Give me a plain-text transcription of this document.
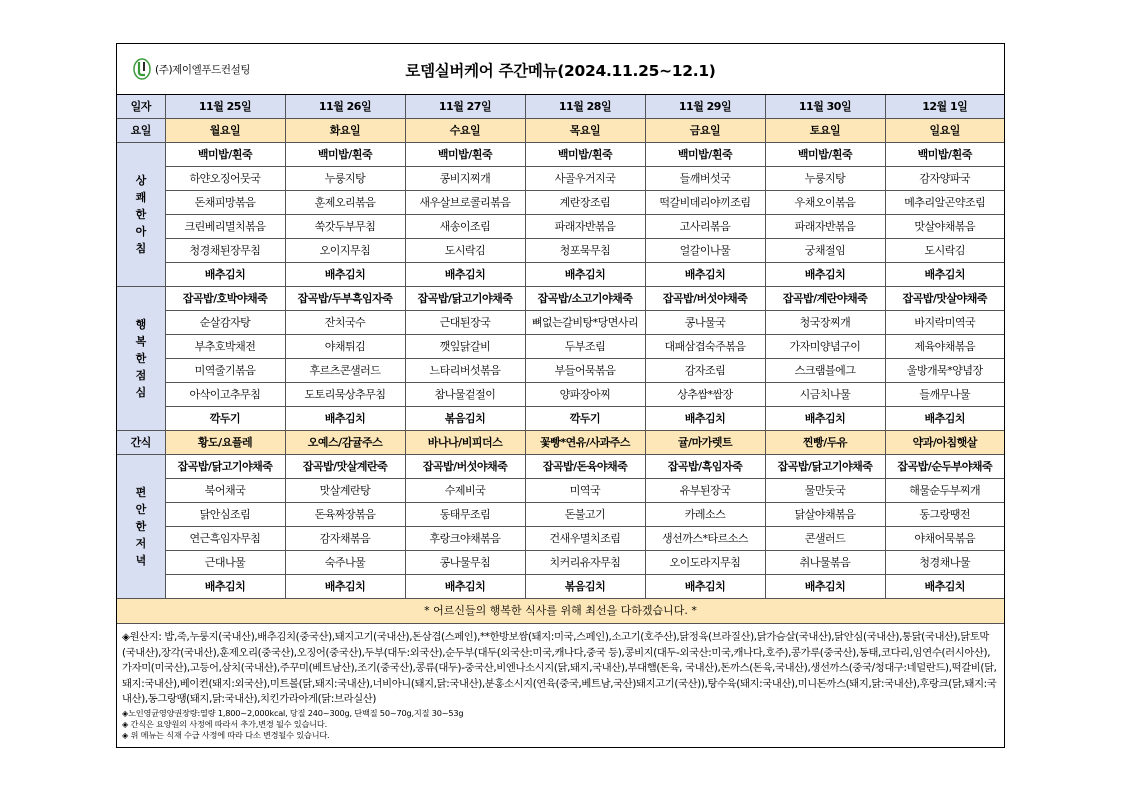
(주)제이엘푸드컨설팅	로뎀실버케어 주간메뉴(2024.11.25~12.1)
일자	11월 25일	11월 26일	11월 27일	11월 28일	11월 29일	11월 30일	12월 1일
요일	월요일	화요일	수요일	목요일	금요일	토요일	일요일

상
쾌
한
아
침	백미밥/흰죽	백미밥/흰죽	백미밥/흰죽	백미밥/흰죽	백미밥/흰죽	백미밥/흰죽	백미밥/흰죽
	하얀오징어뭇국	누룽지탕	콩비지찌개	사골우거지국	들깨버섯국	누룽지탕	감자양파국
	돈채피망볶음	훈제오리볶음	새우살브로콜리볶음	계란장조림	떡갈비데리야끼조림	우채오이볶음	메추리알곤약조림
	크린베리멸치볶음	쑥갓두부무침	새송이조림	파래자반볶음	고사리볶음	파래자반볶음	맛살야채볶음
	청경채된장무침	오이지무침	도시락김	청포묵무침	얼갈이나물	궁채절임	도시락김
	배추김치	배추김치	배추김치	배추김치	배추김치	배추김치	배추김치

행
복
한
점
심	잡곡밥/호박야채죽	잡곡밥/두부흑임자죽	잡곡밥/닭고기야채죽	잡곡밥/소고기야채죽	잡곡밥/버섯야채죽	잡곡밥/계란야채죽	잡곡밥/맛살야채죽
	순살감자탕	잔치국수	근대된장국	뼈없는갈비탕*당면사리	콩나물국	청국장찌개	바지락미역국
	부추호박채전	야채튀김	깻잎닭갈비	두부조림	대패삼겹숙주볶음	가자미양념구이	제육야채볶음
	미역줄기볶음	후르츠콘샐러드	느타리버섯볶음	부들어묵볶음	감자조림	스크램블에그	울방개묵*양념장
	아삭이고추무침	도토리묵상추무침	참나물겉절이	양파장아찌	상추쌈*쌈장	시금치나물	들깨무나물
	깍두기	배추김치	볶음김치	깍두기	배추김치	배추김치	배추김치
간식	황도/요플레	오예스/감귤주스	바나나/비피더스	꽃빵*연유/사과주스	귤/마가렛트	찐빵/두유	약과/아침햇살

편
안
한
저
녁	잡곡밥/닭고기야채죽	잡곡밥/맛살계란죽	잡곡밥/버섯야채죽	잡곡밥/돈육야채죽	잡곡밥/흑임자죽	잡곡밥/닭고기야채죽	잡곡밥/순두부야채죽
	북어채국	맛살계란탕	수제비국	미역국	유부된장국	물만둣국	해물순두부찌개
	닭안심조림	돈육짜장볶음	동태무조림	돈불고기	카레소스	닭살야채볶음	동그랑땡전
	연근흑임자무침	감자채볶음	후랑크야채볶음	건새우멸치조림	생선까스*타르소스	콘샐러드	야채어묵볶음
	근대나물	숙주나물	콩나물무침	치커리유자무침	오이도라지무침	취나물볶음	청경채나물
	배추김치	배추김치	배추김치	볶음김치	배추김치	배추김치	배추김치
* 어르신들의 행복한 식사를 위해 최선을 다하겠습니다. *							

◈원산지: 밥,죽,누룽지(국내산),배추김치(중국산),돼지고기(국내산),돈삼겹(스페인),**한방보쌈(돼지:미국,스페인),소고기(호주산),닭정육(브라질산),닭가슴살(국내산),닭안심(국내산),통닭(국내산),닭토막(국내산),장각(국내산),훈제오리(중국산),오징어(중국산),두부(대두:외국산),순두부(대두(외국산:미국,캐나다,중국 등),콩비지(대두-외국산:미국,캐나다,호주),콩가루(중국산),동태,코다리,임연수(러시아산),가자미(미국산),고등어,삼치(국내산),주꾸미(베트남산),조기(중국산),콩류(대두)-중국산,비엔나소시지(닭,돼지,국내산),부대햄(돈육, 국내산),돈까스(돈육,국내산),생선까스(중국/청대구:네덜란드),떡갈비(닭,돼지:국내산),베이컨(돼지:외국산),미트볼(닭,돼지:국내산),너비아니(돼지,닭:국내산),분홍소시지(연육(중국,베트남,국산)돼지고기(국산)),탕수육(돼지:국내산),미니돈까스(돼지,닭:국내산),후랑크(닭,돼지:국내산),동그랑땡(돼지,닭:국내산),치킨가라아게(닭:브라실산)

◈노인영균영양권장량:열량 1,800~2,000kcal, 당질 240~300g, 단백질 50~70g,지질 30~53g

◈ 간식은 요양원의 사정에 따라서 추가,변경 될수 있습니다.

◈ 위 메뉴는 식재 수급 사정에 따라 다소 변경될수 있습니다.
